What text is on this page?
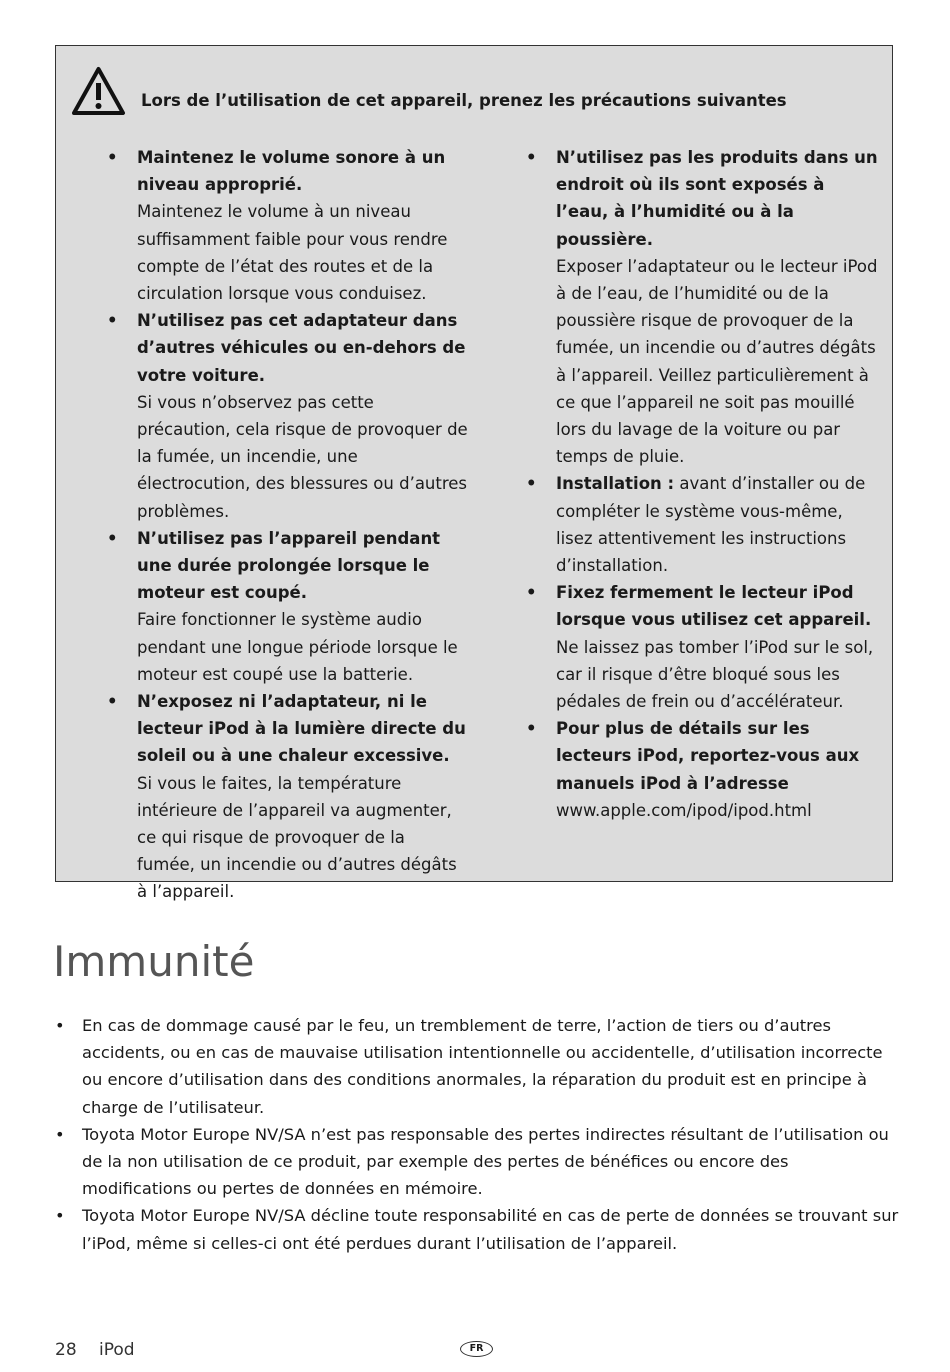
Lors de l’utilisation de cet appareil, prenez les précautions suivantes
• Maintenez le volume sonore à un niveau approprié.
Maintenez le volume à un niveau suffisamment faible pour vous rendre compte de l’état des routes et de la circulation lorsque vous conduisez.
• N’utilisez pas cet adaptateur dans d’autres véhicules ou en-dehors de votre voiture.
Si vous n’observez pas cette précaution, cela risque de provoquer de la fumée, un incendie, une électrocution, des blessures ou d’autres problèmes.
• N’utilisez pas l’appareil pendant une durée prolongée lorsque le moteur est coupé.
Faire fonctionner le système audio pendant une longue période lorsque le moteur est coupé use la batterie.
• N’exposez ni l’adaptateur, ni le lecteur iPod à la lumière directe du soleil ou à une chaleur excessive.
Si vous le faites, la température intérieure de l’appareil va augmenter, ce qui risque de provoquer de la fumée, un incendie ou d’autres dégâts à l’appareil.
• N’utilisez pas les produits dans un endroit où ils sont exposés à l’eau, à l’humidité ou à la poussière.
Exposer l’adaptateur ou le lecteur iPod à de l’eau, de l’humidité ou de la poussière risque de provoquer de la fumée, un incendie ou d’autres dégâts à l’appareil. Veillez particulièrement à ce que l’appareil ne soit pas mouillé lors du lavage de la voiture ou par temps de pluie.
• Installation : avant d’installer ou de compléter le système vous-même, lisez attentivement les instructions d’installation.
• Fixez fermement le lecteur iPod lorsque vous utilisez cet appareil.
Ne laissez pas tomber l’iPod sur le sol, car il risque d’être bloqué sous les pédales de frein ou d’accélérateur.
• Pour plus de détails sur les lecteurs iPod, reportez-vous aux manuels iPod à l’adresse
www.apple.com/ipod/ipod.html
Immunité
• En cas de dommage causé par le feu, un tremblement de terre, l’action de tiers ou d’autres accidents, ou en cas de mauvaise utilisation intentionnelle ou accidentelle, d’utilisation incorrecte ou encore d’utilisation dans des conditions anormales, la réparation du produit est en principe à charge de l’utilisateur.
• Toyota Motor Europe NV/SA n’est pas responsable des pertes indirectes résultant de l’utilisation ou de la non utilisation de ce produit, par exemple des pertes de bénéfices ou encore des modifications ou pertes de données en mémoire.
• Toyota Motor Europe NV/SA décline toute responsabilité en cas de perte de données se trouvant sur l’iPod, même si celles-ci ont été perdues durant l’utilisation de l’appareil.
28 iPod	FR
